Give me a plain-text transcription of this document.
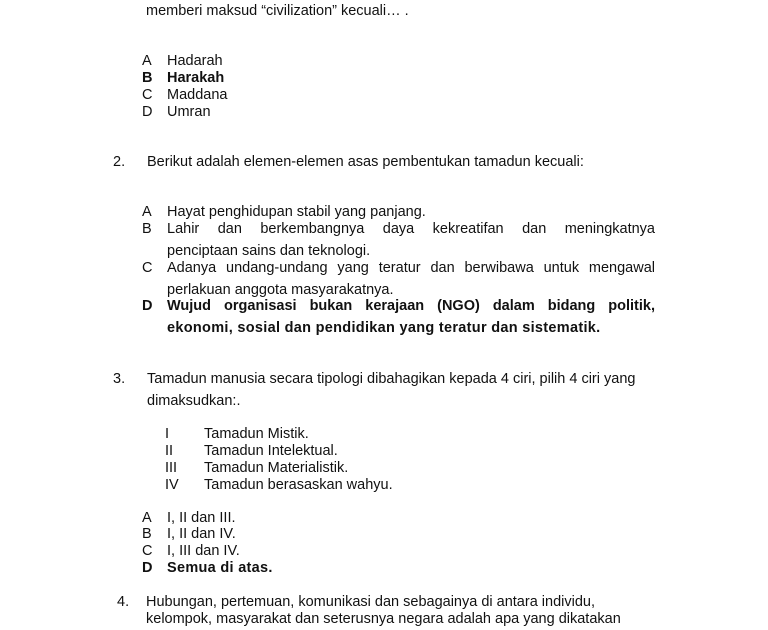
memberi maksud “civilization” kecuali… .
A Hadarah
B Harakah
C Maddana
D Umran
2. Berikut adalah elemen-elemen asas pembentukan tamadun kecuali:
A Hayat penghidupan stabil yang panjang.
B Lahir dan berkembangnya daya kekreatifan dan meningkatnya
penciptaan sains dan teknologi.
C Adanya undang-undang yang teratur dan berwibawa untuk mengawal
perlakuan anggota masyarakatnya.
D Wujud organisasi bukan kerajaan (NGO) dalam bidang politik,
ekonomi, sosial dan pendidikan yang teratur dan sistematik.
3. Tamadun manusia secara tipologi dibahagikan kepada 4 ciri, pilih 4 ciri yang
dimaksudkan:.
I Tamadun Mistik.
II Tamadun Intelektual.
III Tamadun Materialistik.
IV Tamadun berasaskan wahyu.
A I, II dan III.
B I, II dan IV.
C I, III dan IV.
D Semua di atas.
4. Hubungan, pertemuan, komunikasi dan sebagainya di antara individu,
kelompok, masyarakat dan seterusnya negara adalah apa yang dikatakan
